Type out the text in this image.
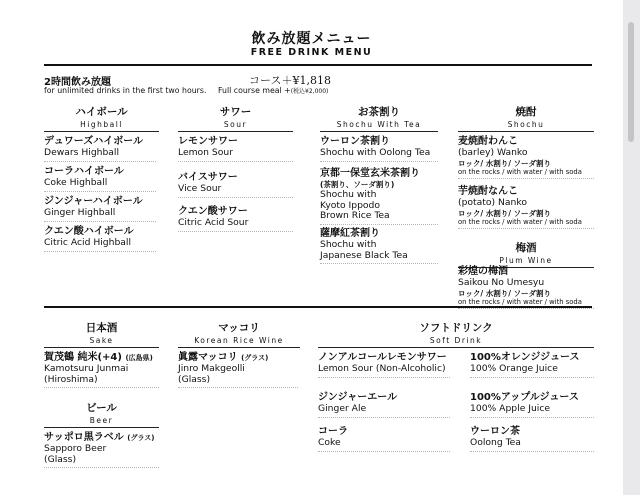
飲み放題メニュー
FREE DRINK MENU
2時間飲み放題
for unlimited drinks in the first two hours.
コース＋¥1,818
Full course meal +(税込¥2,000)
ハイボール
Highball
デュワーズハイボール
Dewars Highball
コーラハイボール
Coke Highball
ジンジャーハイボール
Ginger Highball
クエン酸ハイボール
Citric Acid Highball
サワー
Sour
レモンサワー
Lemon Sour
バイスサワー
Vice Sour
クエン酸サワー
Citric Acid Sour
お茶割り
Shochu With Tea
ウーロン茶割り
Shochu with Oolong Tea
京都一保堂玄米茶割り
(茶割り、ソーダ割り)
Shochu with
Kyoto Ippodo
Brown Rice Tea
薩摩紅茶割り
Shochu with
Japanese Black Tea
焼酎
Shochu
麦焼酎わんこ
(barley) Wanko
ロック/ 水割り/ ソーダ割り
on the rocks / with water / with soda
芋焼酎なんこ
(potato) Nanko
ロック/ 水割り/ ソーダ割り
on the rocks / with water / with soda
梅酒
Plum Wine
彩煌の梅酒
Saikou No Umesyu
ロック/ 水割り/ ソーダ割り
on the rocks / with water / with soda
日本酒
Sake
賀茂鶴 純米(+4) (広島県)
Kamotsuru Junmai
(Hiroshima)
ビール
Beer
サッポロ黒ラベル (グラス)
Sapporo Beer
(Glass)
マッコリ
Korean Rice Wine
眞露マッコリ (グラス)
Jinro Makgeolli
(Glass)
ソフトドリンク
Soft Drink
ノンアルコールレモンサワー
Lemon Sour (Non-Alcoholic)
ジンジャーエール
Ginger Ale
コーラ
Coke
100%オレンジジュース
100% Orange Juice
100%アップルジュース
100% Apple Juice
ウーロン茶
Oolong Tea
